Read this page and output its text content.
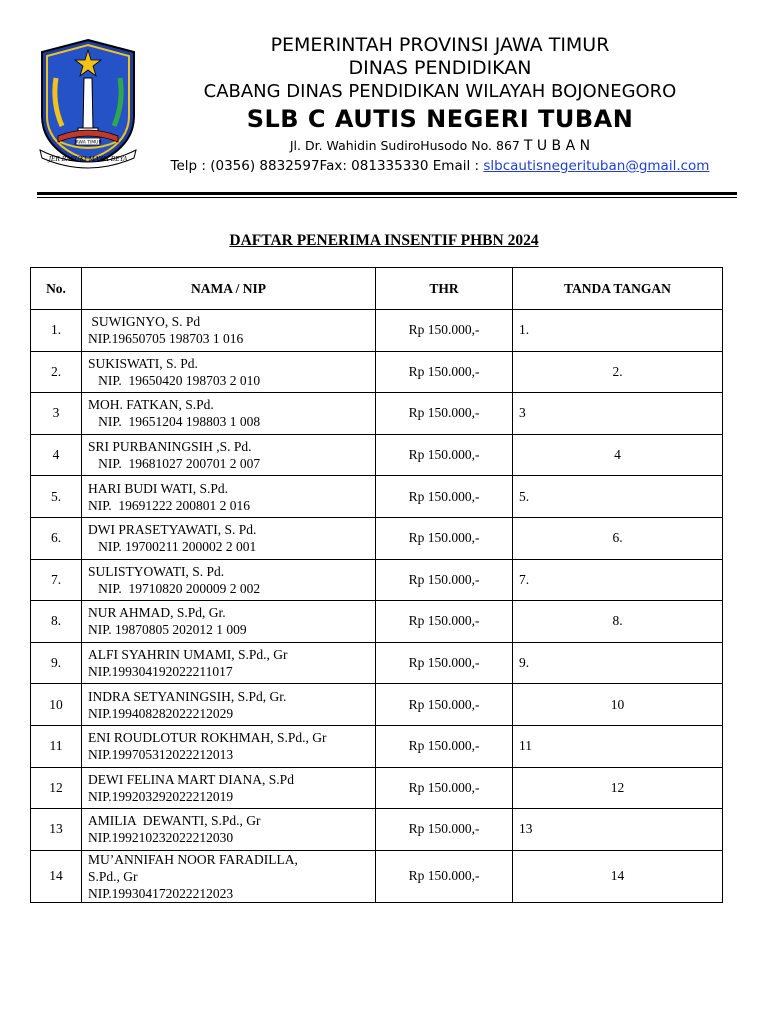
JAWA TIMUR
JER BASUKI MAWA BEYA
PEMERINTAH PROVINSI JAWA TIMUR
DINAS PENDIDIKAN
CABANG DINAS PENDIDIKAN WILAYAH BOJONEGORO
SLB C AUTIS NEGERI TUBAN
Jl. Dr. Wahidin SudiroHusodo No. 867 T U B A N
Telp : (0356) 8832597Fax: 081335330 Email : slbcautisnegerituban@gmail.com
DAFTAR PENERIMA INSENTIF PHBN 2024
No.	NAMA / NIP	THR	TANDA TANGAN
1.	SUWIGNYO, S. Pd
NIP.19650705 198703 1 016	Rp 150.000,-	1.
2.	SUKISWATI, S. Pd.
NIP.  19650420 198703 2 010	Rp 150.000,-	2.
3	MOH. FATKAN, S.Pd.
NIP.  19651204 198803 1 008	Rp 150.000,-	3
4	SRI PURBANINGSIH ,S. Pd.
NIP.  19681027 200701 2 007	Rp 150.000,-	4
5.	HARI BUDI WATI, S.Pd.
NIP.  19691222 200801 2 016	Rp 150.000,-	5.
6.	DWI PRASETYAWATI, S. Pd.
NIP. 19700211 200002 2 001	Rp 150.000,-	6.
7.	SULISTYOWATI, S. Pd.
NIP.  19710820 200009 2 002	Rp 150.000,-	7.
8.	NUR AHMAD, S.Pd, Gr.
NIP. 19870805 202012 1 009	Rp 150.000,-	8.
9.	ALFI SYAHRIN UMAMI, S.Pd., Gr
NIP.199304192022211017	Rp 150.000,-	9.
10	INDRA SETYANINGSIH, S.Pd, Gr.
NIP.199408282022212029	Rp 150.000,-	10
11	ENI ROUDLOTUR ROKHMAH, S.Pd., Gr
NIP.199705312022212013	Rp 150.000,-	11
12	DEWI FELINA MART DIANA, S.Pd
NIP.199203292022212019	Rp 150.000,-	12
13	AMILIA  DEWANTI, S.Pd., Gr
NIP.199210232022212030	Rp 150.000,-	13
14	MU’ANNIFAH NOOR FARADILLA,
S.Pd., Gr
NIP.199304172022212023	Rp 150.000,-	14
